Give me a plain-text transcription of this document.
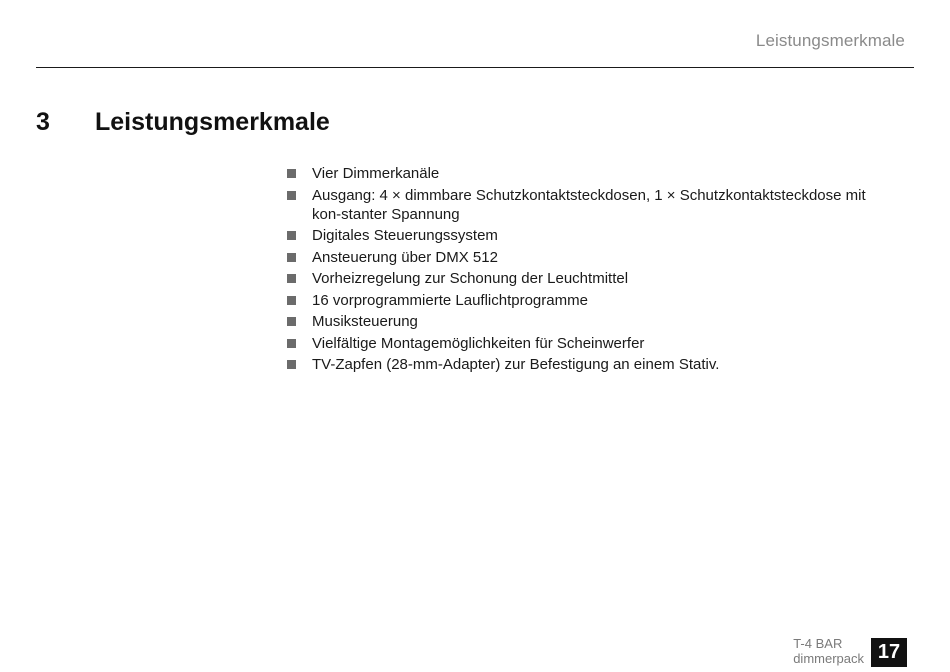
Leistungsmerkmale
3 Leistungsmerkmale
Vier Dimmerkanäle
Ausgang: 4 × dimmbare Schutzkontaktsteckdosen, 1 × Schutzkontaktsteckdose mit kon-stanter Spannung
Digitales Steuerungssystem
Ansteuerung über DMX 512
Vorheizregelung zur Schonung der Leuchtmittel
16 vorprogrammierte Lauflichtprogramme
Musiksteuerung
Vielfältige Montagemöglichkeiten für Scheinwerfer
TV-Zapfen (28-mm-Adapter) zur Befestigung an einem Stativ.
T-4 BAR
dimmerpack 17
